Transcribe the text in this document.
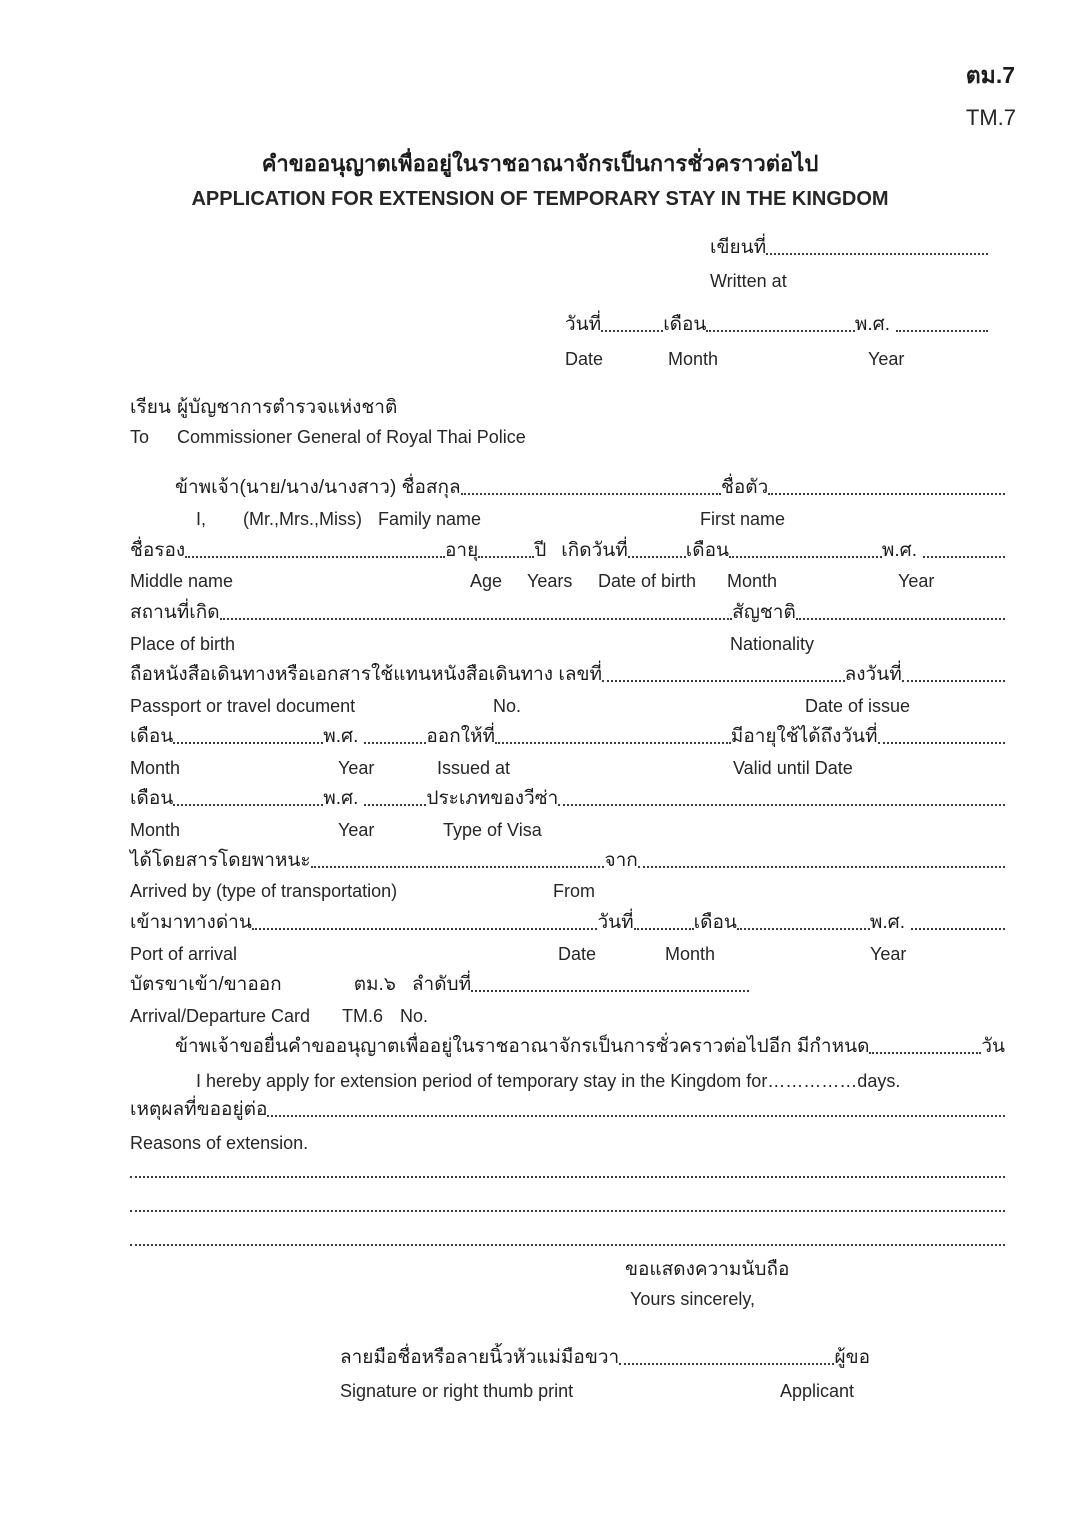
ตม.7
TM.7
คำขออนุญาตเพื่ออยู่ในราชอาณาจักรเป็นการชั่วคราวต่อไป
APPLICATION FOR EXTENSION OF TEMPORARY STAY IN THE KINGDOM
เขียนที่
Written at
วันที่	เดือน	พ.ศ.
Date	Month	Year
เรียน ผู้บัญชาการตำรวจแห่งชาติ
To Commissioner General of Royal Thai Police
ข้าพเจ้า(นาย/นาง/นางสาว) ชื่อสกุล	ชื่อตัว
I, (Mr.,Mrs.,Miss) Family name	First name
ชื่อรอง	อายุ	ปี เกิดวันที่	เดือน	พ.ศ.
Middle name	Age Years Date of birth Month	Year
สถานที่เกิด	สัญชาติ
Place of birth	Nationality
ถือหนังสือเดินทางหรือเอกสารใช้แทนหนังสือเดินทาง เลขที่	ลงวันที่
Passport or travel document	No.	Date of issue
เดือน	พ.ศ.	ออกให้ที่	มีอายุใช้ได้ถึงวันที่
Month	Year	Issued at	Valid until Date
เดือน	พ.ศ.	ประเภทของวีซ่า
Month	Year	Type of Visa
ได้โดยสารโดยพาหนะ	จาก
Arrived by (type of transportation)	From
เข้ามาทางด่าน	วันที่	เดือน	พ.ศ.
Port of arrival	Date	Month	Year
บัตรขาเข้า/ขาออก	ตม.๖ ลำดับที่
Arrival/Departure Card TM.6 No.
ข้าพเจ้าขอยื่นคำขออนุญาตเพื่ออยู่ในราชอาณาจักรเป็นการชั่วคราวต่อไปอีก มีกำหนด	วัน
I hereby apply for extension period of temporary stay in the Kingdom for……………days.
เหตุผลที่ขออยู่ต่อ
Reasons of extension.
ขอแสดงความนับถือ
Yours sincerely,
ลายมือชื่อหรือลายนิ้วหัวแม่มือขวา	ผู้ขอ
Signature or right thumb print	Applicant
